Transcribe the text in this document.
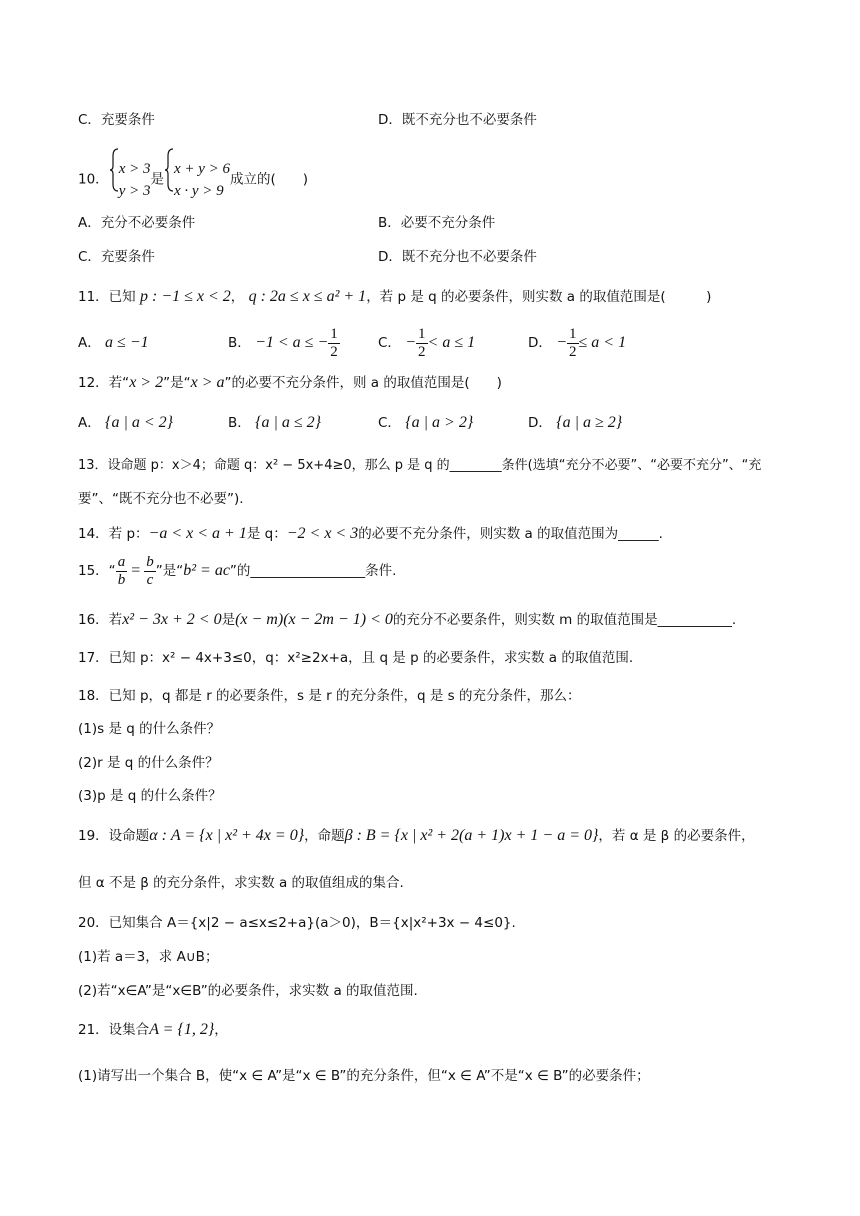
C．充要条件	D．既不充分也不必要条件
10．
x > 3
y > 3
是
x + y > 6
x · y > 9
成立的(　　)
A．充分不必要条件	B．必要不充分条件
C．充要条件	D．既不充分也不必要条件
11．已知 p : −1 ≤ x < 2， q : 2a ≤ x ≤ a² + 1，若 p 是 q 的必要条件，则实数 a 的取值范围是(　　　)
A． a ≤ −1	B． −1 < a ≤ − $\frac{1}{2}$	C． − $\frac{1}{2} < a \le 1$	D． − $\frac{1}{2} \le a < 1$
12．若“x > 2”是“x > a”的必要不充分条件，则 a 的取值范围是(　　)
A． {a | a < 2}	B． {a | a ≤ 2}	C． {a | a > 2}	D． {a | a ≥ 2}
13．设命题 p：x＞4；命题 q：x² − 5x+4≥0，那么 p 是 q 的________条件(选填“充分不必要”、“必要不充分”、“充
要”、“既不充分也不必要”).
14．若 p：−a < x < a + 1是 q：−2 < x < 3的必要不充分条件，则实数 a 的取值范围为______.
15．“ $\frac{a}{b} = \frac{b}{c}$ ”是“b² = ac”的_________________条件.
16．若x² − 3x + 2 < 0是(x − m)(x − 2m − 1) < 0的充分不必要条件，则实数 m 的取值范围是___________.
17．已知 p：x² − 4x+3≤0，q：x²≥2x+a，且 q 是 p 的必要条件，求实数 a 的取值范围.
18．已知 p，q 都是 r 的必要条件，s 是 r 的充分条件，q 是 s 的充分条件，那么：
(1)s 是 q 的什么条件？
(2)r 是 q 的什么条件？
(3)p 是 q 的什么条件？
19．设命题α : A = {x | x² + 4x = 0}，命题β : B = {x | x² + 2(a + 1)x + 1 − a = 0}，若 α 是 β 的必要条件，
但 α 不是 β 的充分条件，求实数 a 的取值组成的集合.
20．已知集合 A＝{x|2 − a≤x≤2+a}(a＞0)，B＝{x|x²+3x − 4≤0}.
(1)若 a＝3，求 A∪B；
(2)若“x∈A”是“x∈B”的必要条件，求实数 a 的取值范围.
21．设集合A = {1, 2}，
(1)请写出一个集合 B，使“x ∈ A”是“x ∈ B”的充分条件，但“x ∈ A”不是“x ∈ B”的必要条件；
